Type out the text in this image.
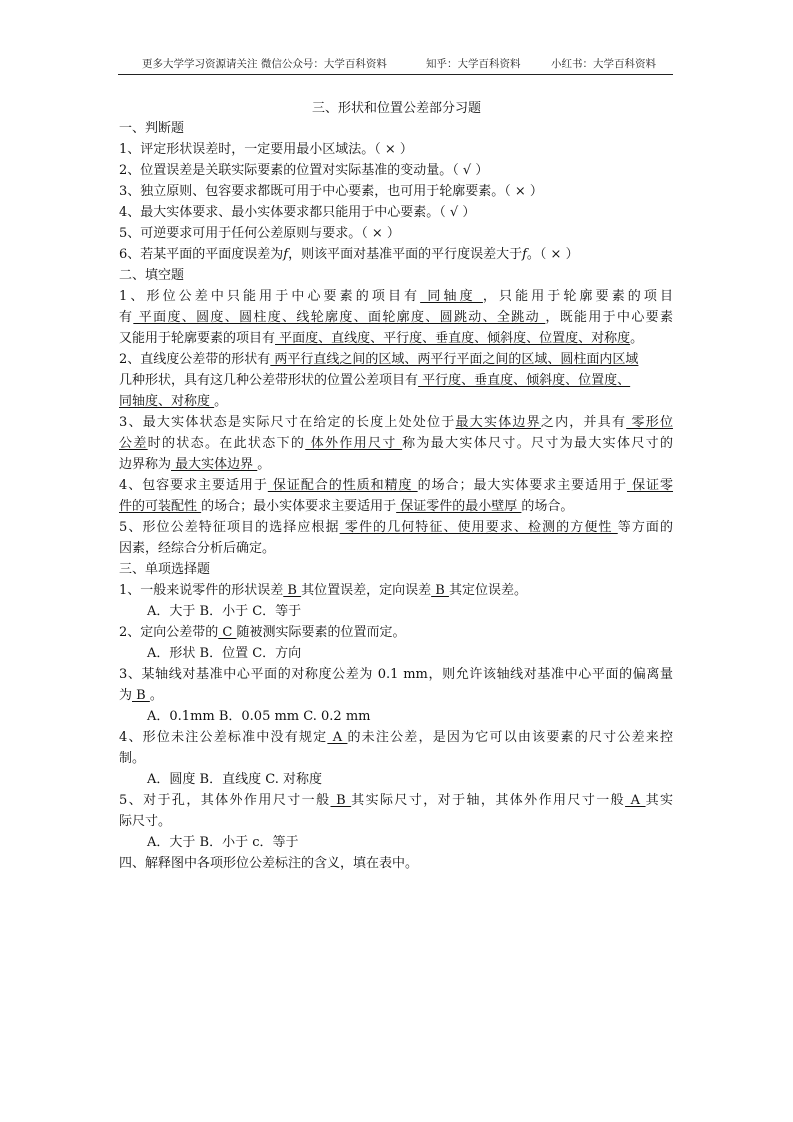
更多大学学习资源请关注 微信公众号：大学百科资料	知乎：大学百科资料	小红书：大学百科资料
三、形状和位置公差部分习题
一、判断题
1、评定形状误差时，一定要用最小区域法。（ × ）
2、位置误差是关联实际要素的位置对实际基准的变动量。（ √ ）
3、独立原则、包容要求都既可用于中心要素，也可用于轮廓要素。（ × ）
4、最大实体要求、最小实体要求都只能用于中心要素。（ √ ）
5、可逆要求可用于任何公差原则与要求。（ × ）
6、若某平面的平面度误差为f，则该平面对基准平面的平行度误差大于f。（ × ）
二、填空题
1、形位公差中只能用于中心要素的项目有 同轴度 ，只能用于轮廓要素的项目
有 平面度、圆度、圆柱度、线轮廓度、面轮廓度、圆跳动、全跳动 ，既能用于中心要素
又能用于轮廓要素的项目有 平面度、直线度、平行度、垂直度、倾斜度、位置度、对称度。
2、直线度公差带的形状有 两平行直线之间的区域、两平行平面之间的区域、圆柱面内区域
几种形状，具有这几种公差带形状的位置公差项目有 平行度、垂直度、倾斜度、位置度、
同轴度、对称度 。
3、最大实体状态是实际尺寸在给定的长度上处处位于最大实体边界之内，并具有 零形位
公差时的状态。在此状态下的 体外作用尺寸 称为最大实体尺寸。尺寸为最大实体尺寸的
边界称为 最大实体边界 。
4、包容要求主要适用于 保证配合的性质和精度 的场合；最大实体要求主要适用于 保证零
件的可装配性 的场合；最小实体要求主要适用于 保证零件的最小壁厚 的场合。
5、形位公差特征项目的选择应根据 零件的几何特征、使用要求、检测的方便性 等方面的
因素，经综合分析后确定。
三、单项选择题
1、一般来说零件的形状误差 B 其位置误差，定向误差 B 其定位误差。
A．大于 B．小于 C．等于
2、定向公差带的 C 随被测实际要素的位置而定。
A．形状 B．位置 C．方向
3、某轴线对基准中心平面的对称度公差为 0.1 mm，则允许该轴线对基准中心平面的偏离量
为 B 。
A．0.1mm B．0.05 mm C. 0.2 mm
4、形位未注公差标准中没有规定 A 的未注公差，是因为它可以由该要素的尺寸公差来控
制。
A．圆度 B．直线度 C. 对称度
5、对于孔，其体外作用尺寸一般 B 其实际尺寸，对于轴，其体外作用尺寸一般 A 其实
际尺寸。
A．大于 B．小于 c．等于
四、解释图中各项形位公差标注的含义，填在表中。
